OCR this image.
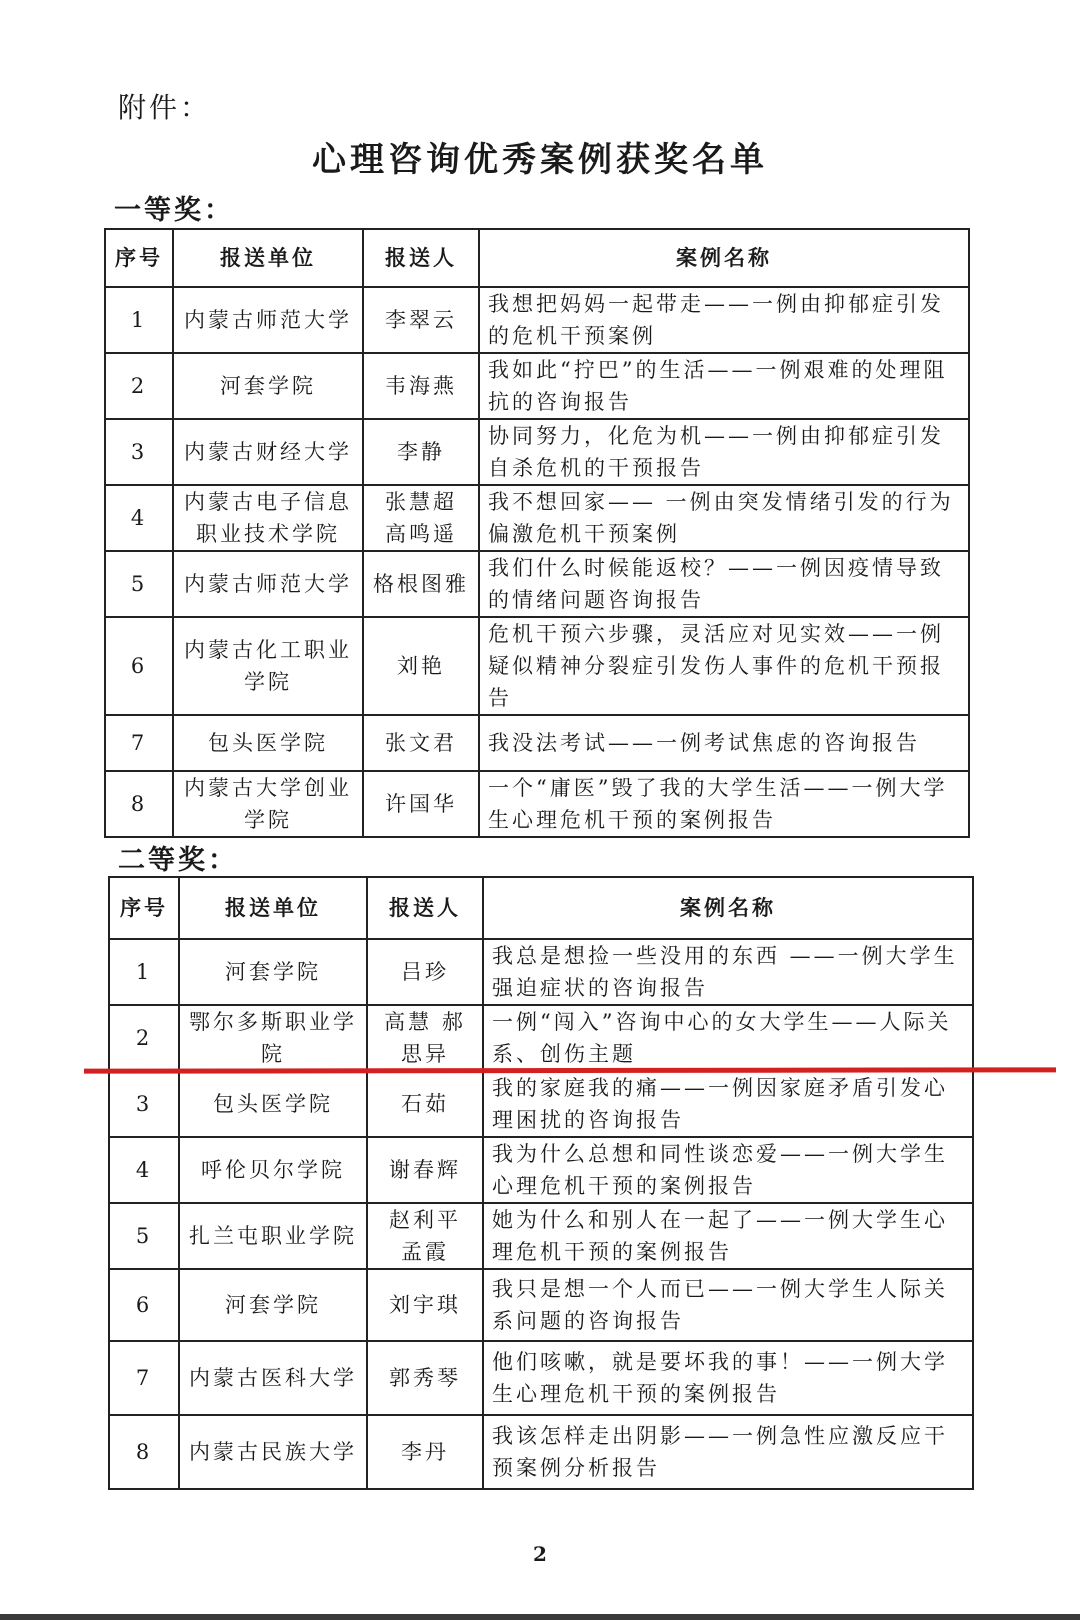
附件：
心理咨询优秀案例获奖名单
一等奖：
序号	报送单位	报送人	案例名称
1	内蒙古师范大学	李翠云	我想把妈妈一起带走——一例由抑郁症引发的危机干预案例
2	河套学院	韦海燕	我如此“拧巴”的生活——一例艰难的处理阻抗的咨询报告
3	内蒙古财经大学	李静	协同努力，化危为机——一例由抑郁症引发自杀危机的干预报告
4	内蒙古电子信息职业技术学院	张慧超 高鸣遥	我不想回家—— 一例由突发情绪引发的行为偏激危机干预案例
5	内蒙古师范大学	格根图雅	我们什么时候能返校？——一例因疫情导致的情绪问题咨询报告
6	内蒙古化工职业学院	刘艳	危机干预六步骤，灵活应对见实效——一例疑似精神分裂症引发伤人事件的危机干预报告
7	包头医学院	张文君	我没法考试——一例考试焦虑的咨询报告
8	内蒙古大学创业学院	许国华	一个“庸医”毁了我的大学生活——一例大学生心理危机干预的案例报告
二等奖：
序号	报送单位	报送人	案例名称
1	河套学院	吕珍	我总是想捡一些没用的东西 ——一例大学生强迫症状的咨询报告
2	鄂尔多斯职业学院	高慧 郝思异	一例“闯入”咨询中心的女大学生——人际关系、创伤主题
3	包头医学院	石茹	我的家庭我的痛——一例因家庭矛盾引发心理困扰的咨询报告
4	呼伦贝尔学院	谢春辉	我为什么总想和同性谈恋爱——一例大学生心理危机干预的案例报告
5	扎兰屯职业学院	赵利平 孟霞	她为什么和别人在一起了——一例大学生心理危机干预的案例报告
6	河套学院	刘宇琪	我只是想一个人而已——一例大学生人际关系问题的咨询报告
7	内蒙古医科大学	郭秀琴	他们咳嗽，就是要坏我的事！——一例大学生心理危机干预的案例报告
8	内蒙古民族大学	李丹	我该怎样走出阴影——一例急性应激反应干预案例分析报告
2
